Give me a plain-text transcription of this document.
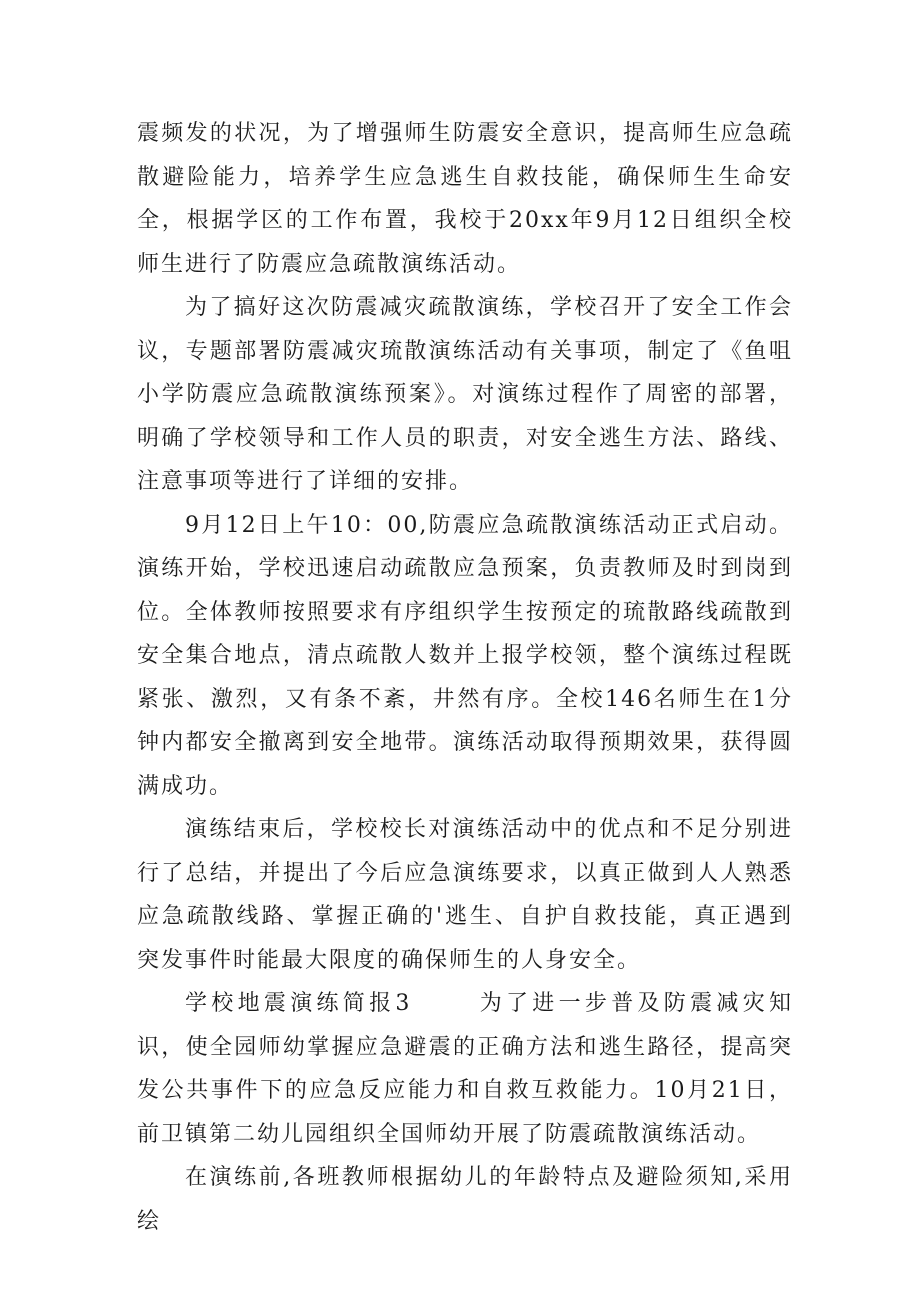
震频发的状况，为了增强师生防震安全意识，提高师生应急疏散避险能力，培养学生应急逃生自救技能，确保师生生命安全，根据学区的工作布置，我校于20xx年9月12日组织全校师生进行了防震应急疏散演练活动。

为了搞好这次防震减灾疏散演练，学校召开了安全工作会议，专题部署防震减灾琉散演练活动有关事项，制定了《鱼咀小学防震应急疏散演练预案》。对演练过程作了周密的部署，明确了学校领导和工作人员的职责，对安全逃生方法、路线、注意事项等进行了详细的安排。

9月12日上午10：00,防震应急疏散演练活动正式启动。演练开始，学校迅速启动疏散应急预案，负责教师及时到岗到位。全体教师按照要求有序组织学生按预定的琉散路线疏散到安全集合地点，清点疏散人数并上报学校领，整个演练过程既紧张、激烈，又有条不紊，井然有序。全校146名师生在1分钟内都安全撤离到安全地带。演练活动取得预期效果，获得圆满成功。

演练结束后，学校校长对演练活动中的优点和不足分别进行了总结，并提出了今后应急演练要求，以真正做到人人熟悉应急疏散线路、掌握正确的'逃生、自护自救技能，真正遇到突发事件时能最大限度的确保师生的人身安全。

学校地震演练简报3	为了进一步普及防震减灾知识，使全园师幼掌握应急避震的正确方法和逃生路径，提高突发公共事件下的应急反应能力和自救互救能力。10月21日，前卫镇第二幼儿园组织全国师幼开展了防震疏散演练活动。

在演练前,各班教师根据幼儿的年龄特点及避险须知,采用绘
